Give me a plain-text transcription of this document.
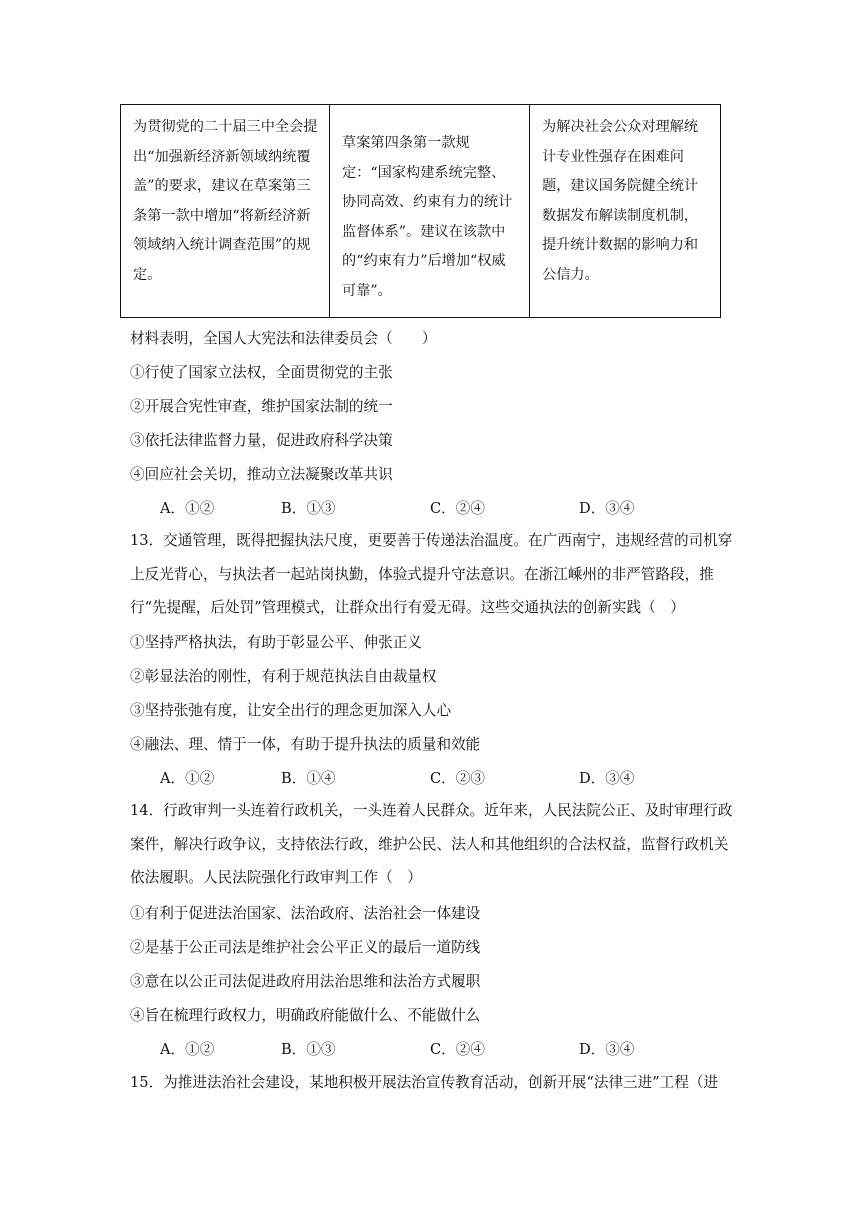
为贯彻党的二十届三中全会提出“加强新经济新领域纳统覆盖”的要求，建议在草案第三条第一款中增加“将新经济新领域纳入统计调查范围”的规定。	草案第四条第一款规定：“国家构建系统完整、协同高效、约束有力的统计监督体系”。建议在该款中的“约束有力”后增加“权威可靠”。	为解决社会公众对理解统计专业性强存在困难问题，建议国务院健全统计数据发布解读制度机制，提升统计数据的影响力和公信力。
材料表明，全国人大宪法和法律委员会（　　）
①行使了国家立法权，全面贯彻党的主张
②开展合宪性审查，维护国家法制的统一
③依托法律监督力量，促进政府科学决策
④回应社会关切，推动立法凝聚改革共识
A．①②	B．①③	C．②④	D．③④
13．交通管理，既得把握执法尺度，更要善于传递法治温度。在广西南宁，违规经营的司机穿上反光背心，与执法者一起站岗执勤，体验式提升守法意识。在浙江嵊州的非严管路段，推行“先提醒，后处罚”管理模式，让群众出行有爱无碍。这些交通执法的创新实践（　）
①坚持严格执法，有助于彰显公平、伸张正义
②彰显法治的刚性，有利于规范执法自由裁量权
③坚持张弛有度，让安全出行的理念更加深入人心
④融法、理、情于一体，有助于提升执法的质量和效能
A．①②	B．①④	C．②③	D．③④
14．行政审判一头连着行政机关，一头连着人民群众。近年来，人民法院公正、及时审理行政案件，解决行政争议，支持依法行政，维护公民、法人和其他组织的合法权益，监督行政机关依法履职。人民法院强化行政审判工作（　）
①有利于促进法治国家、法治政府、法治社会一体建设
②是基于公正司法是维护社会公平正义的最后一道防线
③意在以公正司法促进政府用法治思维和法治方式履职
④旨在梳理行政权力，明确政府能做什么、不能做什么
A．①②	B．①③	C．②④	D．③④
15．为推进法治社会建设，某地积极开展法治宣传教育活动，创新开展“法律三进”工程（进
